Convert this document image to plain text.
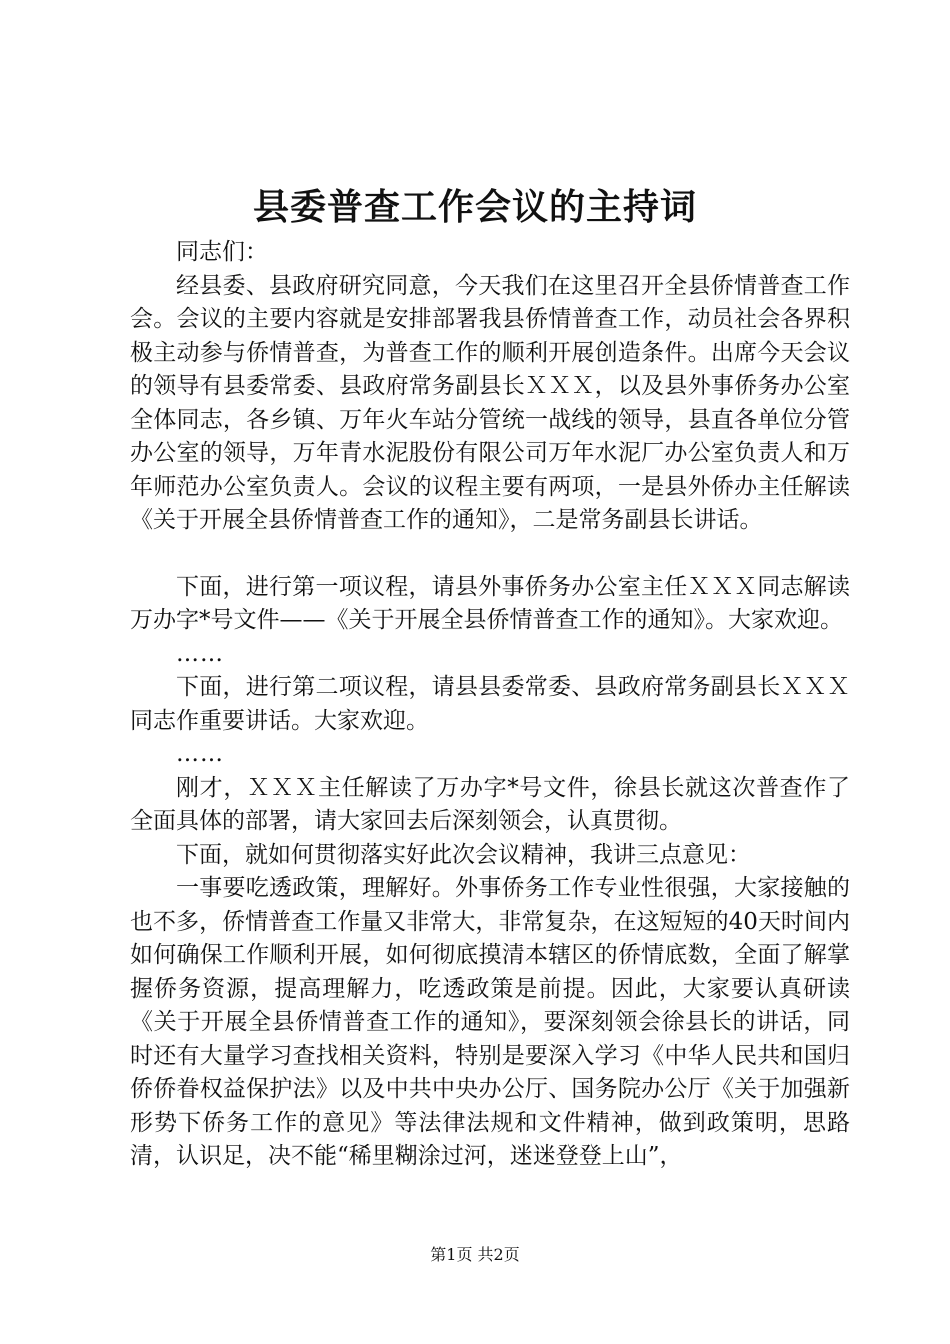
县委普查工作会议的主持词

同志们：

经县委、县政府研究同意，今天我们在这里召开全县侨情普查工作会。会议的主要内容就是安排部署我县侨情普查工作，动员社会各界积极主动参与侨情普查，为普查工作的顺利开展创造条件。出席今天会议的领导有县委常委、县政府常务副县长ＸＸＸ，以及县外事侨务办公室全体同志，各乡镇、万年火车站分管统一战线的领导，县直各单位分管办公室的领导，万年青水泥股份有限公司万年水泥厂办公室负责人和万年师范办公室负责人。会议的议程主要有两项，一是县外侨办主任解读《关于开展全县侨情普查工作的通知》，二是常务副县长讲话。

下面，进行第一项议程，请县外事侨务办公室主任ＸＸＸ同志解读万办字*号文件——《关于开展全县侨情普查工作的通知》。大家欢迎。

……

下面，进行第二项议程，请县县委常委、县政府常务副县长ＸＸＸ同志作重要讲话。大家欢迎。

……

刚才，ＸＸＸ主任解读了万办字*号文件，徐县长就这次普查作了全面具体的部署，请大家回去后深刻领会，认真贯彻。

下面，就如何贯彻落实好此次会议精神，我讲三点意见：

一事要吃透政策，理解好。外事侨务工作专业性很强，大家接触的也不多，侨情普查工作量又非常大，非常复杂，在这短短的40天时间内如何确保工作顺利开展，如何彻底摸清本辖区的侨情底数，全面了解掌握侨务资源，提高理解力，吃透政策是前提。因此，大家要认真研读《关于开展全县侨情普查工作的通知》，要深刻领会徐县长的讲话，同时还有大量学习查找相关资料，特别是要深入学习《中华人民共和国归侨侨眷权益保护法》以及中共中央办公厅、国务院办公厅《关于加强新形势下侨务工作的意见》等法律法规和文件精神，做到政策明，思路清，认识足，决不能“稀里糊涂过河，迷迷登登上山”，

第1页 共2页
